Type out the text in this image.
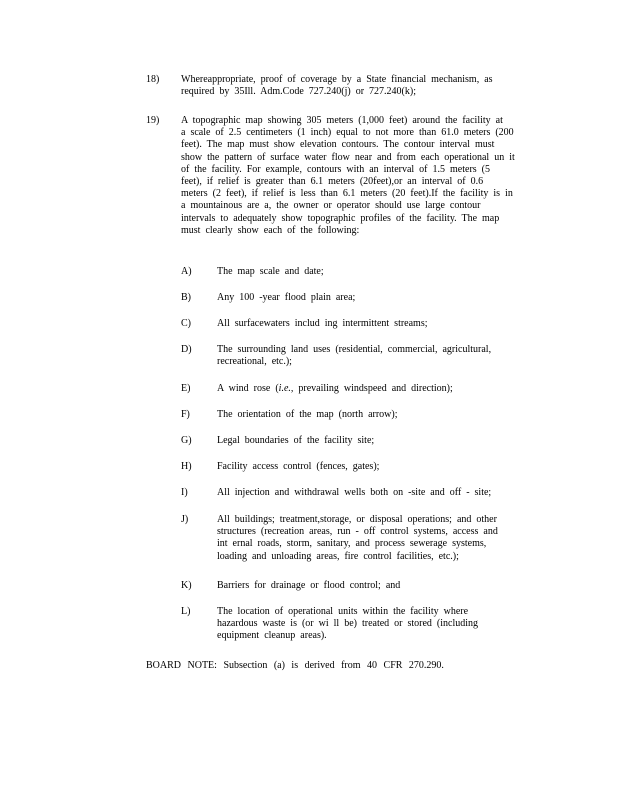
18) Whereappropriate, proof of coverage by a State financial mechanism, as
required by 35Ill. Adm.Code 727.240(j) or 727.240(k);
19) A topographic map showing 305 meters (1,000 feet) around the facility at
a scale of 2.5 centimeters (1 inch) equal to not more than 61.0 meters (200
feet). The map must show elevation contours. The contour interval must
show the pattern of surface water flow near and from each operational un it
of the facility. For example, contours with an interval of 1.5 meters (5
feet), if relief is greater than 6.1 meters (20feet),or an interval of 0.6
meters (2 feet), if relief is less than 6.1 meters (20 feet).If the facility is in
a mountainous are a, the owner or operator should use large contour
intervals to adequately show topographic profiles of the facility. The map
must clearly show each of the following:

A)	The map scale and date;
B)	Any 100 -year flood plain area;
C)	All surfacewaters includ ing intermittent streams;
D)	The surrounding land uses (residential, commercial, agricultural,
recreational, etc.);
E)	A wind rose (i.e., prevailing windspeed and direction);
F)	The orientation of the map (north arrow);
G)	Legal boundaries of the facility site;
H)	Facility access control (fences, gates);
I)	All injection and withdrawal wells both on -site and off - site;
J)	All buildings; treatment,storage, or disposal operations; and other
structures (recreation areas, run - off control systems, access and
int ernal roads, storm, sanitary, and process sewerage systems,
loading and unloading areas, fire control facilities, etc.);
K)	Barriers for drainage or flood control; and
L)	The location of operational units within the facility where
hazardous waste is (or wi ll be) treated or stored (including
equipment cleanup areas).
BOARD NOTE: Subsection (a) is derived from 40 CFR 270.290.
